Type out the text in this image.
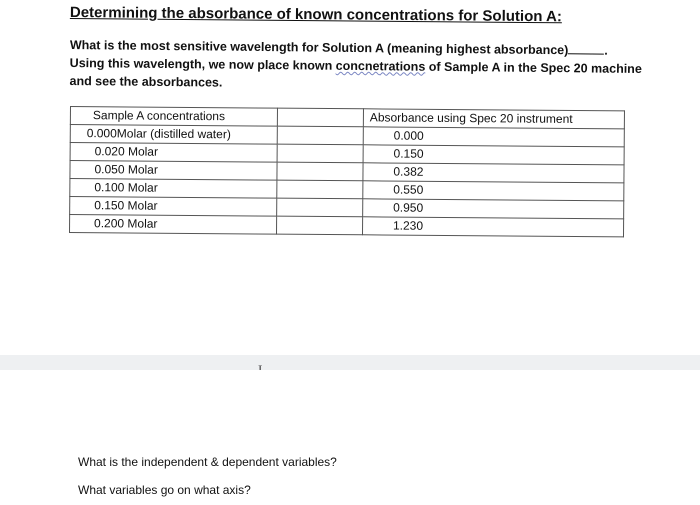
Determining the absorbance of known concentrations for Solution A:
What is the most sensitive wavelength for Solution A (meaning highest absorbance)	.
Using this wavelength, we now place known concnetrations of Sample A in the Spec 20 machine
and see the absorbances.
Sample A concentrations		Absorbance using Spec 20 instrument
0.000Molar (distilled water)		0.000
0.020 Molar		0.150
0.050 Molar		0.382
0.100 Molar		0.550
0.150 Molar		0.950
0.200 Molar		1.230
What is the independent & dependent variables?
What variables go on what axis?
